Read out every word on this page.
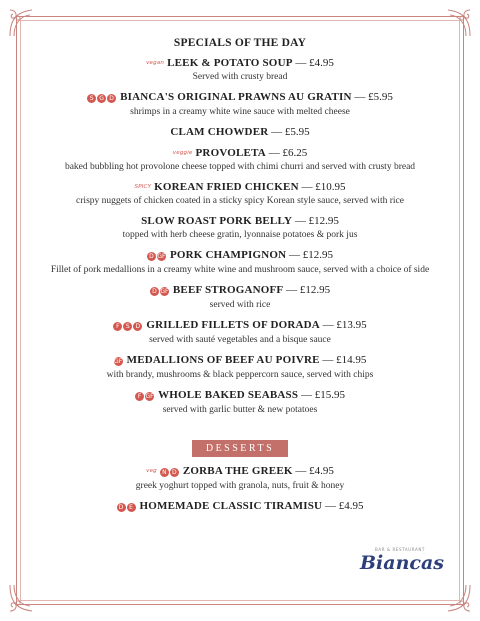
SPECIALS OF THE DAY
vegan LEEK & POTATO SOUP — £4.95
Served with crusty bread
S G D BIANCA'S ORIGINAL PRAWNS AU GRATIN — £5.95
shrimps in a creamy white wine sauce with melted cheese
CLAM CHOWDER — £5.95
veggie PROVOLETA — £6.25
baked bubbling hot provolone cheese topped with chimi churri and served with crusty bread
SPICY KOREAN FRIED CHICKEN — £10.95
crispy nuggets of chicken coated in a sticky spicy Korean style sauce, served with rice
SLOW ROAST PORK BELLY — £12.95
topped with herb cheese gratin, lyonnaise potatoes & pork jus
D GF PORK CHAMPIGNON — £12.95
Fillet of pork medallions in a creamy white wine and mushroom sauce, served with a choice of side
D GF BEEF STROGANOFF — £12.95
served with rice
F S D GRILLED FILLETS OF DORADA — £13.95
served with sauté vegetables and a bisque sauce
GF MEDALLIONS OF BEEF AU POIVRE — £14.95
with brandy, mushrooms & black peppercorn sauce, served with chips
F GF WHOLE BAKED SEABASS — £15.95
served with garlic butter & new potatoes
DESSERTS
veg N D ZORBA THE GREEK — £4.95
greek yoghurt topped with granola, nuts, fruit & honey
D E HOMEMADE CLASSIC TIRAMISU — £4.95
BAR & RESTAURANT
Biancas
